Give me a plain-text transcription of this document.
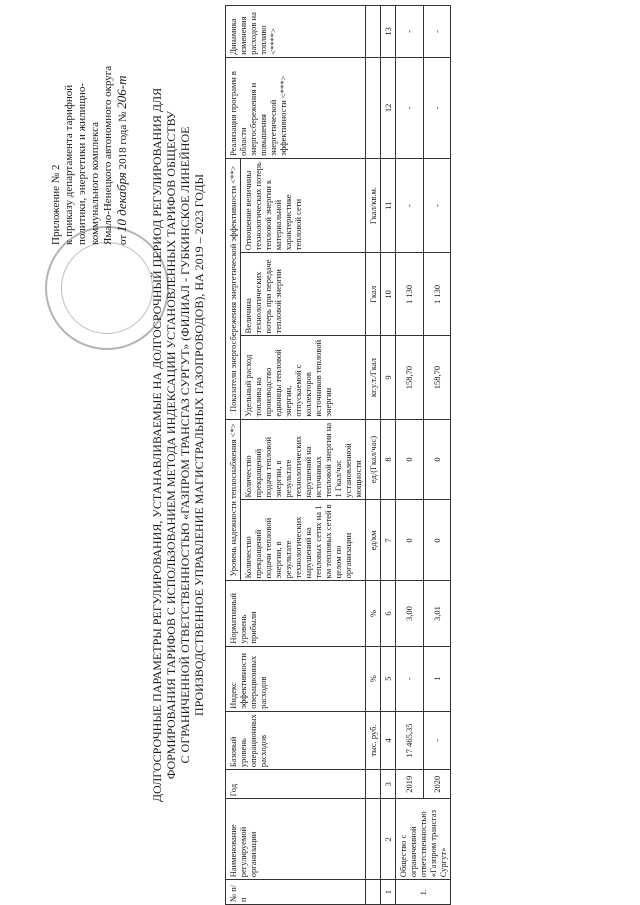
Приложение № 2 к приказу департамента тарифной политики, энергетики и жилищно- коммунального комплекса Ямало-Ненецкого автономного округа от 10 декабря 2018 года № 206-т ДОЛГОСРОЧНЫЕ ПАРАМЕТРЫ РЕГУЛИРОВАНИЯ, УСТАНАВЛИВАЕМЫЕ НА ДОЛГОСРОЧНЫЙ ПЕРИОД РЕГУЛИРОВАНИЯ ДЛЯ ФОРМИРОВАНИЯ ТАРИФОВ С ИСПОЛЬЗОВАНИЕМ МЕТОДА ИНДЕКСАЦИИ УСТАНОВЛЕННЫХ ТАРИФОВ ОБЩЕСТВУ С ОГРАНИЧЕННОЙ ОТВЕТСТВЕННОСТЬЮ «ГАЗПРОМ ТРАНСГАЗ СУРГУТ» (ФИЛИАЛ - ГУБКИНСКОЕ ЛИНЕЙНОЕ ПРОИЗВОДСТВЕННОЕ УПРАВЛЕНИЕ МАГИСТРАЛЬНЫХ ГАЗОПРОВОДОВ), НА 2019 – 2023 ГОДЫ
№ п/п	Наименование регулируемой организации	Год	Базовый уровень операционных расходов	Индекс эффективности операционных расходов	Нормативный уровень прибыли	Уровень надежности теплоснабжения <*>		Показатели энергосбережения энергетической эффективности <**>			Реализация программ в области энергосбережения и повышения энергетической эффективности <***>	Динамика изменения расходов на топливо <****>
						Количество прекращений подачи тепловой энергии, в результате технологических нарушений на тепловых сетях на 1 км тепловых сетей в целом по организации	Количество прекращений подачи тепловой энергии, в результате технологических нарушений на источниках тепловой энергии на 1 Гкал/час установленной мощности	Удельный расход топлива на производство единицы тепловой энергии, отпускаемой с коллекторов источников тепловой энергии	Величина технологических потерь при передаче тепловой энергии	Отношение величины технологических потерь тепловой энергии к материальной характеристике тепловой сети		
			тыс. руб.	%	%	ед/км	ед/(Гкал/час)	кг.у.т./Гкал	Гкал	Гкал/кв.м.		
1	2	3	4	5	6	7	8	9	10	11	12	13
1.	Общество с ограниченной ответственностью «Газпром трансгаз Сургут»	2019	17 465,35	-	3,00	0	0	158,70	1 130	-	-	-
		2020	-	1	3,01	0	0	158,70	1 130	-	-	-
